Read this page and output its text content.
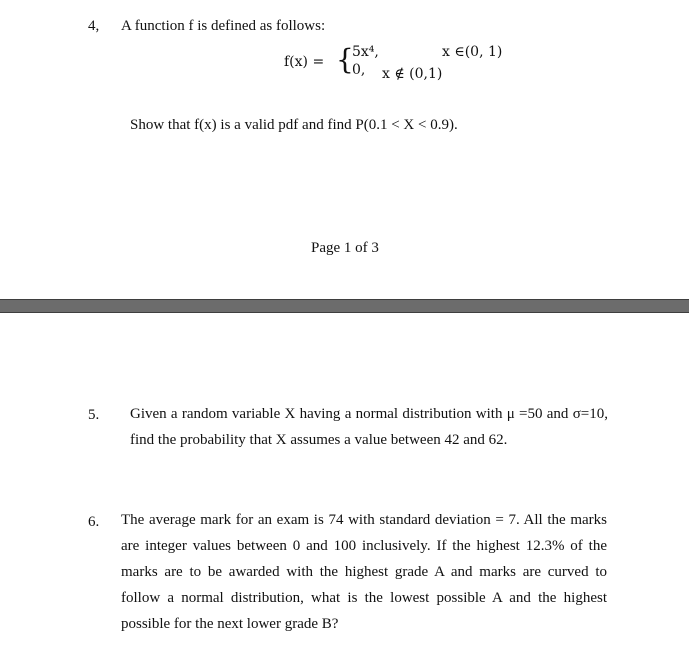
4, A function f is defined as follows:
f(x) = {
5x⁴,	x ∈(0, 1)
0, x ∉ (0,1)
Show that f(x) is a valid pdf and find P(0.1 < X < 0.9).
Page 1 of 3
5. Given a random variable X having a normal distribution with μ =50 and σ=10, find the probability that X assumes a value between 42 and 62.
6. The average mark for an exam is 74 with standard deviation = 7. All the marks are integer values between 0 and 100 inclusively. If the highest 12.3% of the marks are to be awarded with the highest grade A and marks are curved to follow a normal distribution, what is the lowest possible A and the highest possible for the next lower grade B?
